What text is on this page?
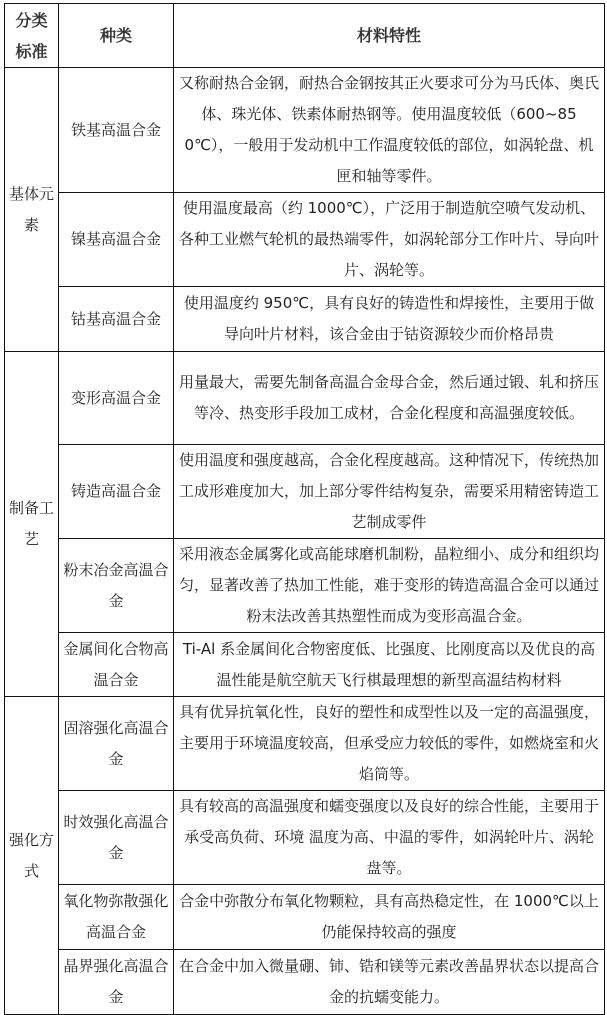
分类标准	种类	材料特性
基体元素	铁基高温合金	又称耐热合金钢，耐热合金钢按其正火要求可分为马氏体、奥氏体、珠光体、铁素体耐热钢等。使用温度较低（600~850℃），一般用于发动机中工作温度较低的部位，如涡轮盘、机匣和轴等零件。
	镍基高温合金	使用温度最高（约 1000℃），广泛用于制造航空喷气发动机、各种工业燃气轮机的最热端零件，如涡轮部分工作叶片、导向叶片、涡轮等。
	钴基高温合金	使用温度约 950℃，具有良好的铸造性和焊接性，主要用于做导向叶片材料，该合金由于钴资源较少而价格昂贵
制备工艺	变形高温合金	用量最大，需要先制备高温合金母合金，然后通过锻、轧和挤压等冷、热变形手段加工成材，合金化程度和高温强度较低。
	铸造高温合金	使用温度和强度越高，合金化程度越高。这种情况下，传统热加工成形难度加大，加上部分零件结构复杂，需要采用精密铸造工艺制成零件
	粉末冶金高温合金	采用液态金属雾化或高能球磨机制粉，晶粒细小、成分和组织均匀，显著改善了热加工性能，难于变形的铸造高温合金可以通过粉末法改善其热塑性而成为变形高温合金。
	金属间化合物高温合金	Ti-Al 系金属间化合物密度低、比强度、比刚度高以及优良的高温性能是航空航天飞行棋最理想的新型高温结构材料
强化方式	固溶强化高温合金	具有优异抗氧化性，良好的塑性和成型性以及一定的高温强度，主要用于环境温度较高，但承受应力较低的零件，如燃烧室和火焰筒等。
	时效强化高温合金	具有较高的高温强度和蠕变强度以及良好的综合性能，主要用于承受高负荷、环境 温度为高、中温的零件，如涡轮叶片、涡轮盘等。
	氧化物弥散强化高温合金	合金中弥散分布氧化物颗粒，具有高热稳定性，在 1000℃以上仍能保持较高的强度
	晶界强化高温合金	在合金中加入微量硼、铈、锆和镁等元素改善晶界状态以提高合金的抗蠕变能力。
